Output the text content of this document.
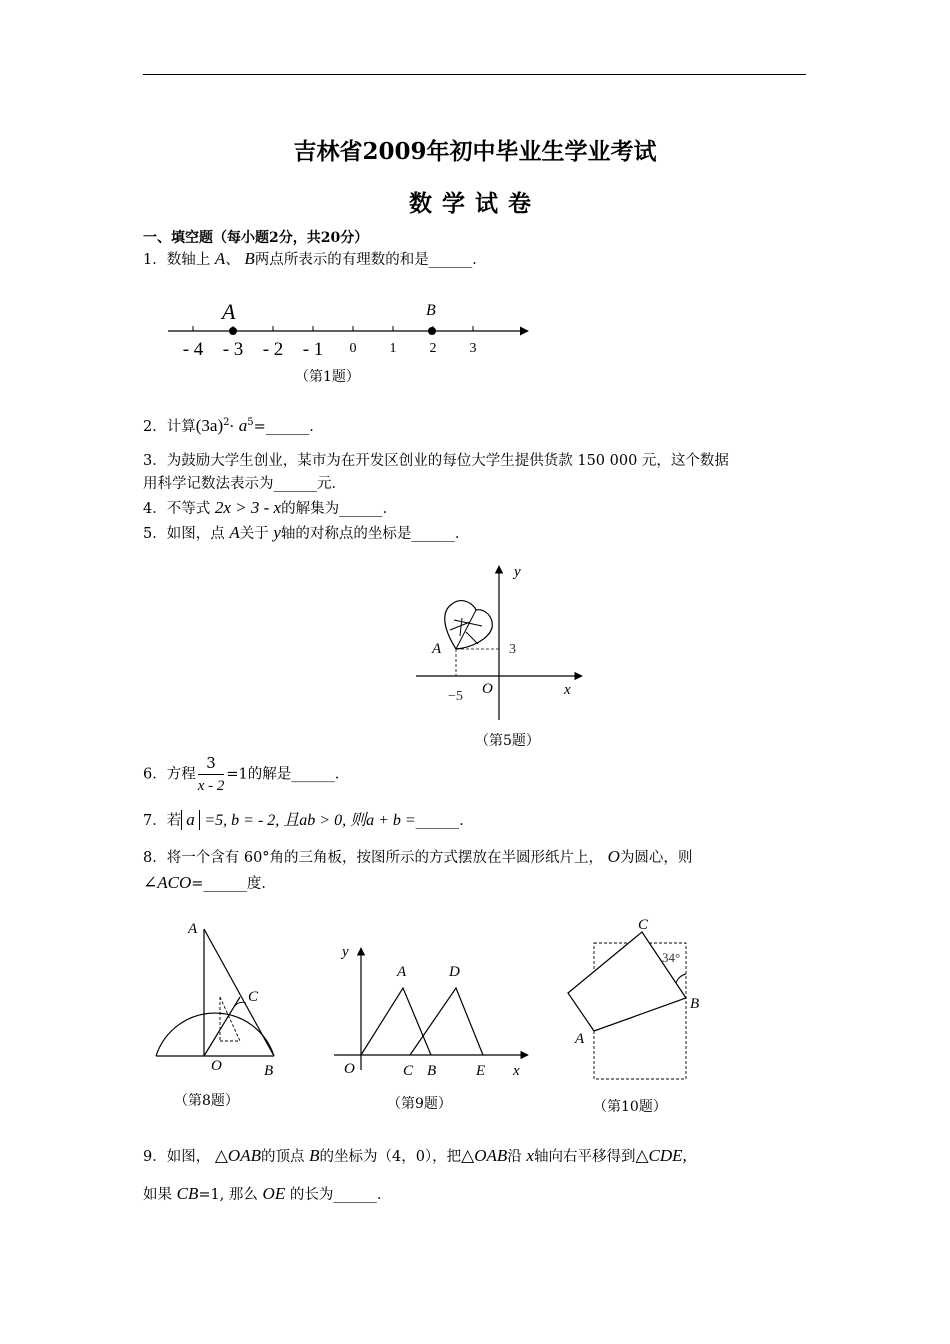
吉林省2009年初中毕业生学业考试
数学试卷
一、填空题（每小题2分，共20分）
1．数轴上 A、 B两点所表示的有理数的和是______．
- 4 - 3 - 2 - 1 0 1 2 3
A	B
（第1题）
2．计算$(3a)^2\cdot$ $a^5=\_\_\_\_\_\_$．
3．为鼓励大学生创业，某市为在开发区创业的每位大学生提供货款 150 000 元，这个数据
用科学记数法表示为______元．
4．不等式 2x > 3 - x的解集为______．
5．如图，点 A关于 y轴的对称点的坐标是______．
y
x
O
A	3
−5
（第5题）
6．方程 $\frac{3}{x - 2} =1$的解是______．
7．若 a =5, b = - 2, 且ab > 0, 则a + b =______．
8．将一个含有 60°角的三角板，按图所示的方式摆放在半圆形纸片上， O为圆心，则
∠ACO=______度．
A
C
O	B
（第8题）
y
x
O
A	D
C B	E
（第9题）
C
B
A
34°
（第10题）
9．如图， △OAB的顶点 B的坐标为（4，0），把△OAB沿 x轴向右平移得到△CDE,
如果 CB=1, 那么 OE 的长为______．
